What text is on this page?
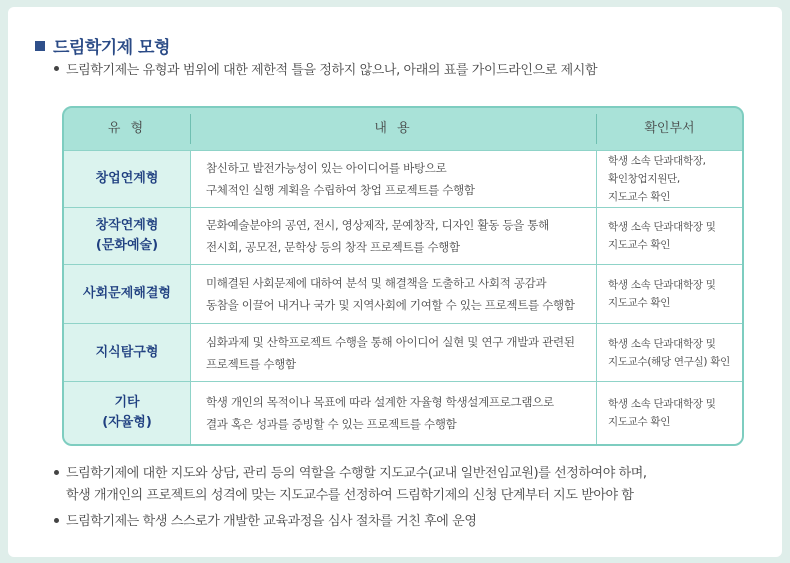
드림학기제 모형
드림학기제는 유형과 범위에 대한 제한적 틀을 정하지 않으나, 아래의 표를 가이드라인으로 제시함
유 형	내 용	확인부서
창업연계형
참신하고 발전가능성이 있는 아이디어를 바탕으로
구체적인 실행 계획을 수립하여 창업 프로젝트를 수행함
학생 소속 단과대학장,
확인창업지원단,
지도교수 확인
창작연계형
(문화예술)
문화예술분야의 공연, 전시, 영상제작, 문예창작, 디자인 활동 등을 통해
전시회, 공모전, 문학상 등의 창작 프로젝트를 수행함
학생 소속 단과대학장 및
지도교수 확인
사회문제해결형
미해결된 사회문제에 대하여 분석 및 해결책을 도출하고 사회적 공감과
동참을 이끌어 내거나 국가 및 지역사회에 기여할 수 있는 프로젝트를 수행함
학생 소속 단과대학장 및
지도교수 확인
지식탐구형
심화과제 및 산학프로젝트 수행을 통해 아이디어 실현 및 연구 개발과 관련된
프로젝트를 수행함
학생 소속 단과대학장 및
지도교수(해당 연구실) 확인
기타
(자율형)
학생 개인의 목적이나 목표에 따라 설계한 자율형 학생설계프로그램으로
결과 혹은 성과를 증빙할 수 있는 프로젝트를 수행함
학생 소속 단과대학장 및
지도교수 확인
드림학기제에 대한 지도와 상담, 관리 등의 역할을 수행할 지도교수(교내 일반전임교원)를 선정하여야 하며,
학생 개개인의 프로젝트의 성격에 맞는 지도교수를 선정하여 드림학기제의 신청 단계부터 지도 받아야 함
드림학기제는 학생 스스로가 개발한 교육과정을 심사 절차를 거친 후에 운영
